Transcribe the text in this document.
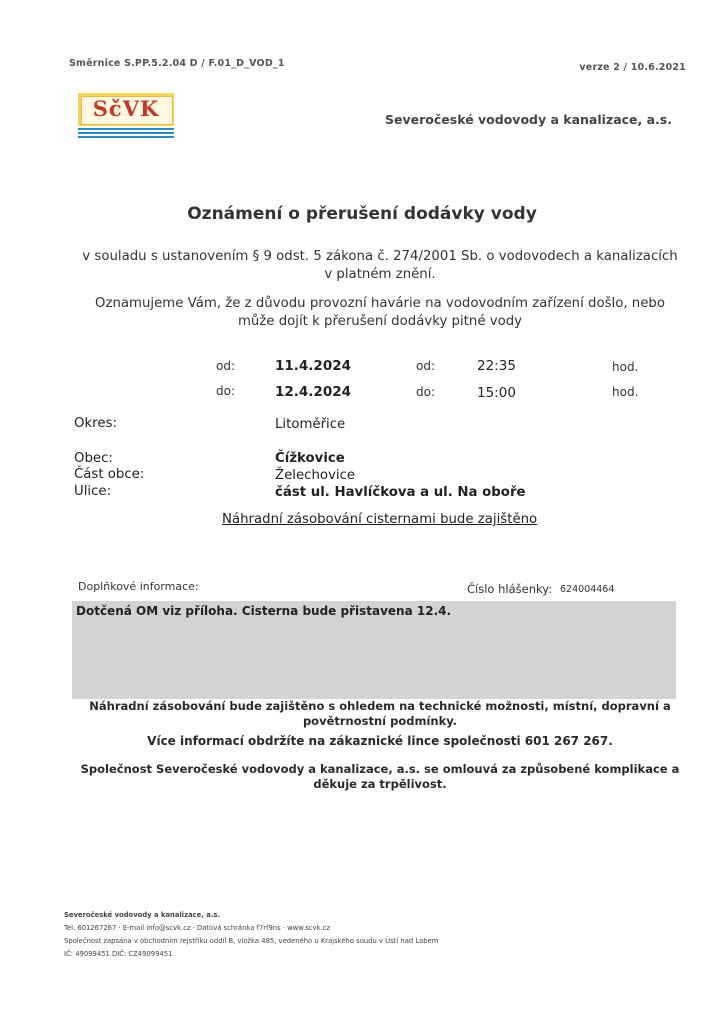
Směrnice S.PP.5.2.04 D / F.01_D_VOD_1	verze 2 / 10.6.2021
SčVK	Severočeské vodovody a kanalizace, a.s.
Oznámení o přerušení dodávky vody
v souladu s ustanovením § 9 odst. 5 zákona č. 274/2001 Sb. o vodovodech a kanalizacích v platném znění.
Oznamujeme Vám, že z důvodu provozní havárie na vodovodním zařízení došlo, nebo může dojít k přerušení dodávky pitné vody
od:	11.4.2024	od:	22:35	hod.
do:	12.4.2024	do:	15:00	hod.
Okres:	Litoměřice
Obec:	Čížkovice
Část obce:	Želechovice
Ulice:	část ul. Havlíčkova a ul. Na oboře
Náhradní zásobování cisternami bude zajištěno
Doplňkové informace:	Číslo hlášenky: 624004464
Dotčená OM viz příloha. Cisterna bude přistavena 12.4.
Náhradní zásobování bude zajištěno s ohledem na technické možnosti, místní, dopravní a povětrnostní podmínky.
Více informací obdržíte na zákaznické lince společnosti 601 267 267.
Společnost Severočeské vodovody a kanalizace, a.s. se omlouvá za způsobené komplikace a děkuje za trpělivost.
Severočeské vodovody a kanalizace, a.s.
Tel. 601267267 · E-mail info@scvk.cz · Datová schránka f7rf9ns · www.scvk.cz
Společnost zapsána v obchodním rejstříku oddíl B, vložka 485, vedeného u Krajského soudu v Ústí nad Labem
IČ: 49099451 DIČ: CZ49099451
